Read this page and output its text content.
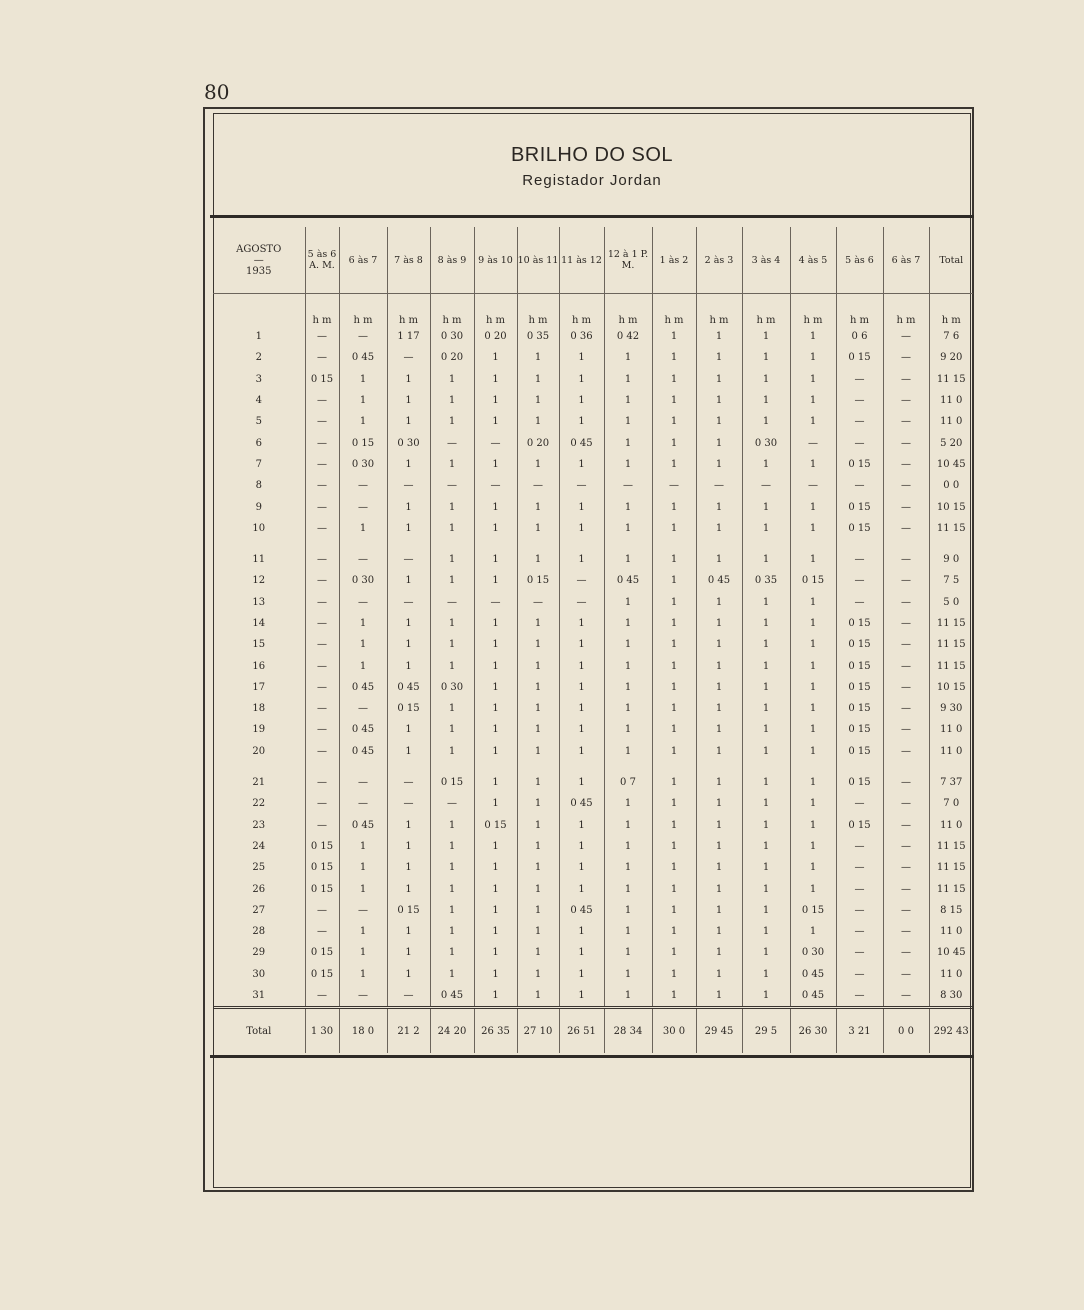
80
BRILHO DO SOL
Registador Jordan
AGOSTO
—
1935	5 às 6 A. M.	6 às 7	7 às 8	8 às 9	9 às 10	10 às 11	11 às 12	12 à 1 P. M.	1 às 2	2 às 3	3 às 4	4 às 5	5 às 6	6 às 7	Total

	h m	h m	h m	h m	h m	h m	h m	h m	h m	h m	h m	h m	h m	h m	h m

1	—	—	1 17	0 30	0 20	0 35	0 36	0 42	1	1	1	1	0 6	—	7 6
2	—	0 45	—	0 20	1	1	1	1	1	1	1	1	0 15	—	9 20
3	0 15	1	1	1	1	1	1	1	1	1	1	1	—	—	11 15
4	—	1	1	1	1	1	1	1	1	1	1	1	—	—	11 0
5	—	1	1	1	1	1	1	1	1	1	1	1	—	—	11 0
6	—	0 15	0 30	—	—	0 20	0 45	1	1	1	0 30	—	—	—	5 20
7	—	0 30	1	1	1	1	1	1	1	1	1	1	0 15	—	10 45
8	—	—	—	—	—	—	—	—	—	—	—	—	—	—	0 0
9	—	—	1	1	1	1	1	1	1	1	1	1	0 15	—	10 15
10	—	1	1	1	1	1	1	1	1	1	1	1	0 15	—	11 15
11	—	—	—	1	1	1	1	1	1	1	1	1	—	—	9 0
12	—	0 30	1	1	1	0 15	—	0 45	1	0 45	0 35	0 15	—	—	7 5
13	—	—	—	—	—	—	—	1	1	1	1	1	—	—	5 0
14	—	1	1	1	1	1	1	1	1	1	1	1	0 15	—	11 15
15	—	1	1	1	1	1	1	1	1	1	1	1	0 15	—	11 15
16	—	1	1	1	1	1	1	1	1	1	1	1	0 15	—	11 15
17	—	0 45	0 45	0 30	1	1	1	1	1	1	1	1	0 15	—	10 15
18	—	—	0 15	1	1	1	1	1	1	1	1	1	0 15	—	9 30
19	—	0 45	1	1	1	1	1	1	1	1	1	1	0 15	—	11 0
20	—	0 45	1	1	1	1	1	1	1	1	1	1	0 15	—	11 0
21	—	—	—	0 15	1	1	1	0 7	1	1	1	1	0 15	—	7 37
22	—	—	—	—	1	1	0 45	1	1	1	1	1	—	—	7 0
23	—	0 45	1	1	0 15	1	1	1	1	1	1	1	0 15	—	11 0
24	0 15	1	1	1	1	1	1	1	1	1	1	1	—	—	11 15
25	0 15	1	1	1	1	1	1	1	1	1	1	1	—	—	11 15
26	0 15	1	1	1	1	1	1	1	1	1	1	1	—	—	11 15
27	—	—	0 15	1	1	1	0 45	1	1	1	1	0 15	—	—	8 15
28	—	1	1	1	1	1	1	1	1	1	1	1	—	—	11 0
29	0 15	1	1	1	1	1	1	1	1	1	1	0 30	—	—	10 45
30	0 15	1	1	1	1	1	1	1	1	1	1	0 45	—	—	11 0
31	—	—	—	0 45	1	1	1	1	1	1	1	0 45	—	—	8 30
Total	1 30	18 0	21 2	24 20	26 35	27 10	26 51	28 34	30 0	29 45	29 5	26 30	3 21	0 0	292 43
